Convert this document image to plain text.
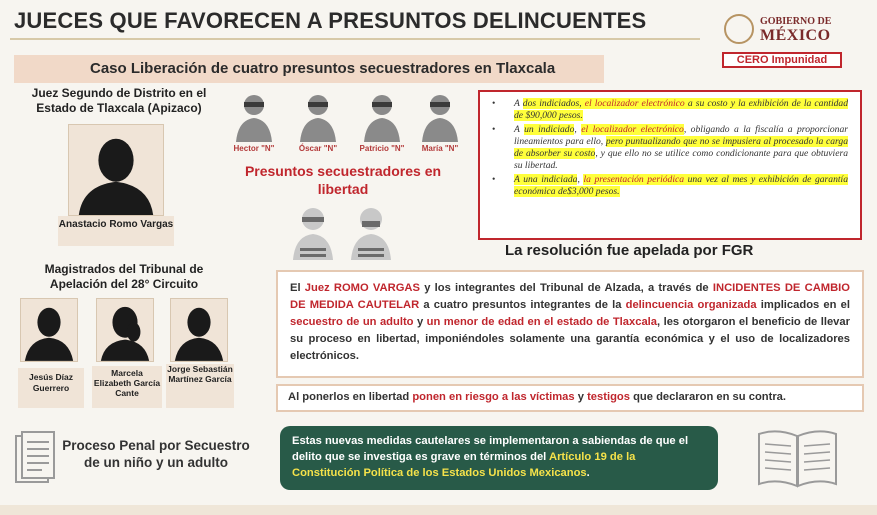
JUECES QUE FAVORECEN A PRESUNTOS DELINCUENTES	GOBIERNO DE
MÉXICO
CERO Impunidad
Caso Liberación de cuatro presuntos secuestradores en Tlaxcala
Juez Segundo de Distrito en el Estado de Tlaxcala (Apizaco)
Anastacio Romo Vargas
Hector "N"	Óscar "N"	Patricio "N"	María "N"
Presuntos secuestradores en libertad
• A dos indiciados, el localizador electrónico a su costo y la exhibición de la cantidad de $90,000 pesos.
• A un indiciado, el localizador electrónico, obligando a la fiscalía a proporcionar lineamientos para ello, pero puntualizando que no se impusiera al procesado la carga de absorber su costo, y que ello no se utilice como condicionante para que obtuviera su libertad.
• A una indiciada, la presentación periódica una vez al mes y exhibición de garantía económica de$3,000 pesos.
La resolución fue apelada por FGR
Magistrados del Tribunal de Apelación del 28° Circuito
Jesús Díaz Guerrero
Marcela Elizabeth García Cante
Jorge Sebastián Martínez García
El Juez ROMO VARGAS y los integrantes del Tribunal de Alzada, a través de INCIDENTES DE CAMBIO DE MEDIDA CAUTELAR a cuatro presuntos integrantes de la delincuencia organizada implicados en el secuestro de un adulto y un menor de edad en el estado de Tlaxcala, les otorgaron el beneficio de llevar su proceso en libertad, imponiéndoles solamente una garantía económica y el uso de localizadores electrónicos.
Al ponerlos en libertad ponen en riesgo a las víctimas y testigos que declararon en su contra.
Proceso Penal por Secuestro de un niño y un adulto
Estas nuevas medidas cautelares se implementaron a sabiendas de que el delito que se investiga es grave en términos del Artículo 19 de la Constitución Política de los Estados Unidos Mexicanos.
